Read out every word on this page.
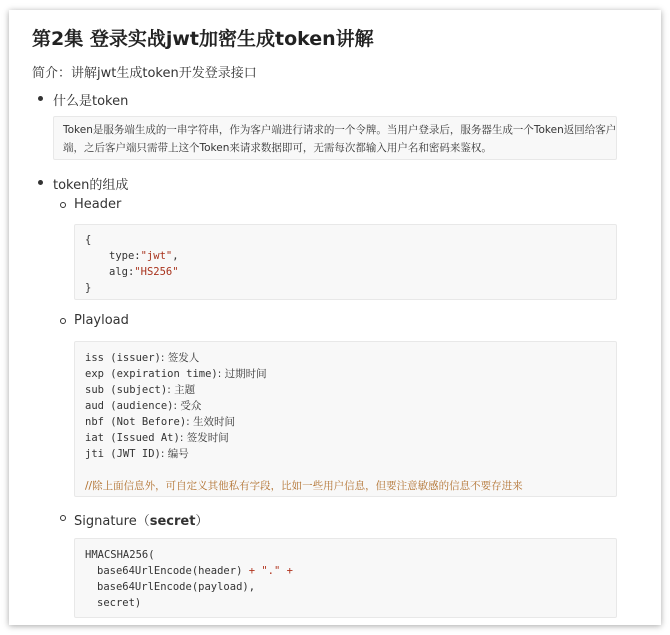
第2集 登录实战jwt加密生成token讲解
简介：讲解jwt生成token开发登录接口
什么是token
Token是服务端生成的一串字符串，作为客户端进行请求的一个令牌。当用户登录后，服务器生成一个Token返回给客户
端，之后客户端只需带上这个Token来请求数据即可，无需每次都输入用户名和密码来鉴权。
token的组成
Header
{
type:"jwt",
alg:"HS256"
}
Playload
iss (issuer): 签发人
exp (expiration time): 过期时间
sub (subject): 主题
aud (audience): 受众
nbf (Not Before): 生效时间
iat (Issued At): 签发时间
jti (JWT ID): 编号
//除上面信息外，可自定义其他私有字段，比如一些用户信息，但要注意敏感的信息不要存进来
Signature（secret）
HMACSHA256(
base64UrlEncode(header) + "." +
base64UrlEncode(payload),
secret)
